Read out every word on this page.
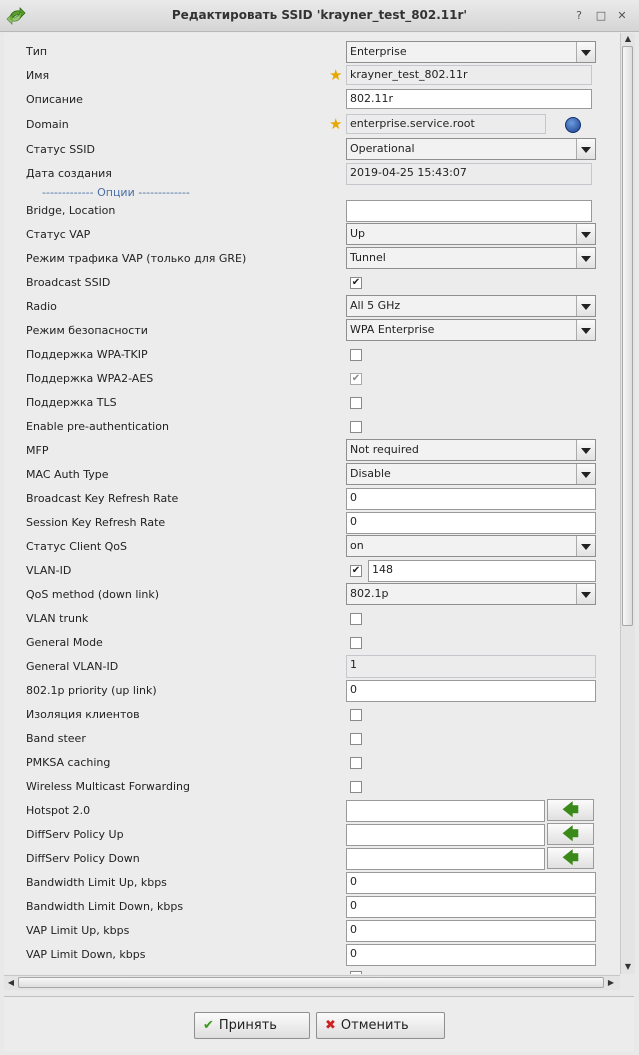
Редактировать SSID 'krayner_test_802.11r'	?	□	✕
Тип	Enterprise
Имя	★ krayner_test_802.11r
Описание	802.11r
Domain	★ enterprise.service.root
Статус SSID	Operational
Дата создания	2019-04-25 15:43:07
------------- Опции -------------
Bridge, Location
Статус VAP	Up
Режим трафика VAP (только для GRE)	Tunnel
Broadcast SSID	✔
Radio	All 5 GHz
Режим безопасности	WPA Enterprise
Поддержка WPA-TKIP
Поддержка WPA2-AES	✔
Поддержка TLS
Enable pre-authentication
MFP	Not required
MAC Auth Type	Disable
Broadcast Key Refresh Rate	0
Session Key Refresh Rate	0
Статус Client QoS	on
VLAN-ID	✔	148
QoS method (down link)	802.1p
VLAN trunk
General Mode
General VLAN-ID	1
802.1p priority (up link)	0
Изоляция клиентов
Band steer
PMKSA caching
Wireless Multicast Forwarding
Hotspot 2.0	🡄
DiffServ Policy Up	🡄
DiffServ Policy Down	🡄
Bandwidth Limit Up, kbps	0
Bandwidth Limit Down, kbps	0
VAP Limit Up, kbps	0
VAP Limit Down, kbps	0
▲
▼
◀	▶
✔ Принять	✖ Отменить
